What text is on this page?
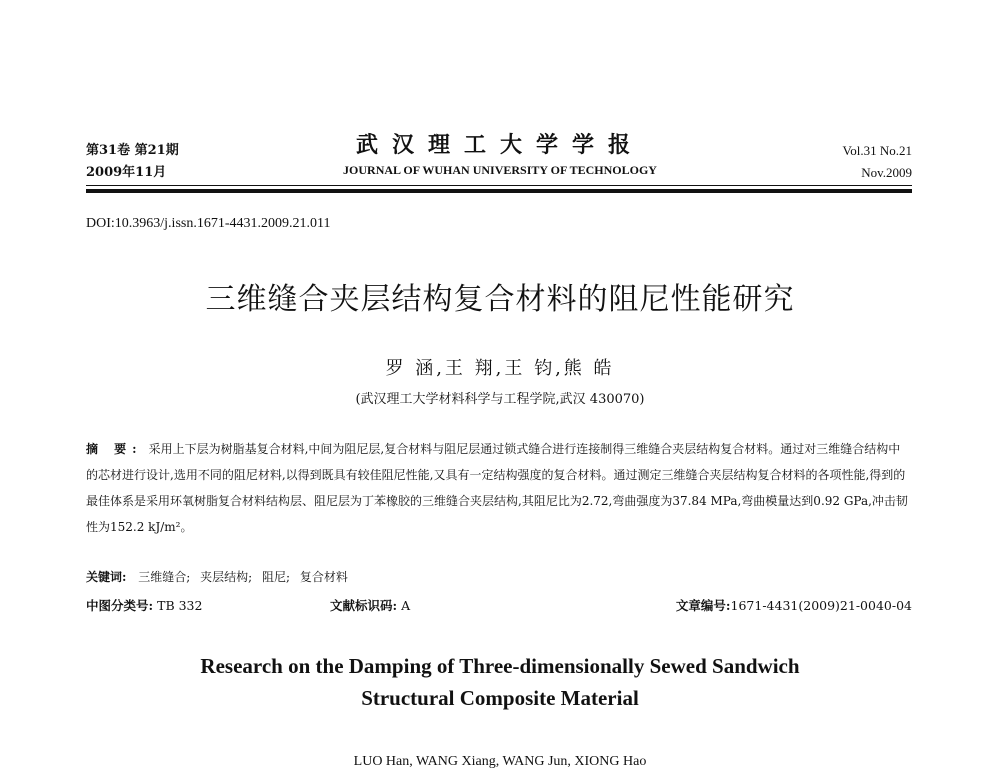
第31卷 第21期
2009年11月
武汉理工大学学报
JOURNAL OF WUHAN UNIVERSITY OF TECHNOLOGY
Vol.31 No.21
Nov.2009
DOI:10.3963/j.issn.1671-4431.2009.21.011
三维缝合夹层结构复合材料的阻尼性能研究
罗 涵,王 翔,王 钧,熊 皓
(武汉理工大学材料科学与工程学院,武汉 430070)
摘 要: 采用上下层为树脂基复合材料,中间为阻尼层,复合材料与阻尼层通过锁式缝合进行连接制得三维缝合夹层结构复合材料。通过对三维缝合结构中的芯材进行设计,选用不同的阻尼材料,以得到既具有较佳阻尼性能,又具有一定结构强度的复合材料。通过测定三维缝合夹层结构复合材料的各项性能,得到的最佳体系是采用环氧树脂复合材料结构层、阻尼层为丁苯橡胶的三维缝合夹层结构,其阻尼比为2.72,弯曲强度为37.84 MPa,弯曲模量达到0.92 GPa,冲击韧性为152.2 kJ/m²。
关键词: 三维缝合; 夹层结构; 阻尼; 复合材料
中图分类号: TB 332	文献标识码: A	文章编号:1671-4431(2009)21-0040-04
Research on the Damping of Three-dimensionally Sewed Sandwich
Structural Composite Material
LUO Han, WANG Xiang, WANG Jun, XIONG Hao
